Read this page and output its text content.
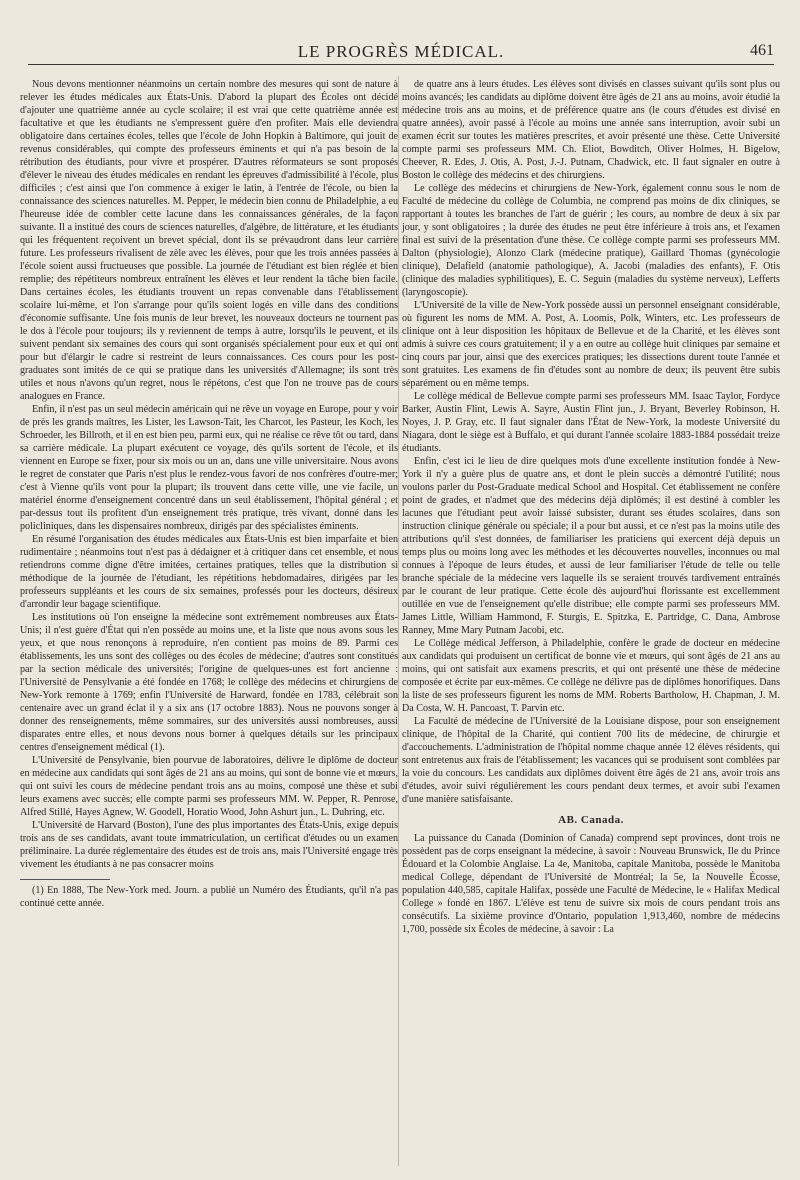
LE PROGRÈS MÉDICAL.	461

Nous devons mentionner néanmoins un certain nombre des mesures qui sont de nature à relever les études médicales aux États-Unis. D'abord la plupart des Écoles ont décidé d'ajouter une quatrième année au cycle scolaire; il est vrai que cette quatrième année est facultative et que les étudiants ne s'empressent guère d'en profiter. Mais elle deviendra obligatoire dans certaines écoles, telles que l'école de John Hopkin à Baltimore, qui jouit de revenus considérables, qui compte des professeurs éminents et qui n'a pas besoin de la rétribution des étudiants, pour vivre et prospérer. D'autres réformateurs se sont proposés d'élever le niveau des études médicales en rendant les épreuves d'admissibilité à l'école, plus difficiles ; c'est ainsi que l'on commence à exiger le latin, à l'entrée de l'école, ou bien la connaissance des sciences naturelles. M. Pepper, le médecin bien connu de Philadelphie, a eu l'heureuse idée de combler cette lacune dans les connaissances générales, de la façon suivante. Il a institué des cours de sciences naturelles, d'algèbre, de littérature, et les étudiants qui les fréquentent reçoivent un brevet spécial, dont ils se prévaudront dans leur carrière future. Les professeurs rivalisent de zèle avec les élèves, pour que les trois années passées à l'école soient aussi fructueuses que possible. La journée de l'étudiant est bien réglée et bien remplie; des répétiteurs nombreux entraînent les élèves et leur rendent la tâche bien facile. Dans certaines écoles, les étudiants trouvent un repas convenable dans l'établissement scolaire lui-même, et l'on s'arrange pour qu'ils soient logés en ville dans des conditions d'économie suffisante. Une fois munis de leur brevet, les nouveaux docteurs ne tournent pas le dos à l'école pour toujours; ils y reviennent de temps à autre, lorsqu'ils le peuvent, et ils suivent pendant six semaines des cours qui sont organisés spécialement pour eux et qui ont pour but d'élargir le cadre si restreint de leurs connaissances. Ces cours pour les post-graduates sont imités de ce qui se pratique dans les universités d'Allemagne; ils sont très utiles et nous n'avons qu'un regret, nous le répétons, c'est que l'on ne trouve pas de cours analogues en France.

Enfin, il n'est pas un seul médecin américain qui ne rêve un voyage en Europe, pour y voir de près les grands maîtres, les Lister, les Lawson-Tait, les Charcot, les Pasteur, les Koch, les Schroeder, les Billroth, et il en est bien peu, parmi eux, qui ne réalise ce rêve tôt ou tard, dans sa carrière médicale. La plupart exécutent ce voyage, dès qu'ils sortent de l'école, et ils viennent en Europe se fixer, pour six mois ou un an, dans une ville universitaire. Nous avons le regret de constater que Paris n'est plus le rendez-vous favori de nos confrères d'outre-mer; c'est à Vienne qu'ils vont pour la plupart; ils trouvent dans cette ville, une vie facile, un matériel énorme d'enseignement concentré dans un seul établissement, l'hôpital général ; et par-dessus tout ils profitent d'un enseignement très pratique, très vivant, donné dans les policliniques, dans les dispensaires nombreux, dirigés par des spécialistes éminents.

En résumé l'organisation des études médicales aux États-Unis est bien imparfaite et bien rudimentaire ; néanmoins tout n'est pas à dédaigner et à critiquer dans cet ensemble, et nous retiendrons comme digne d'être imitées, certaines pratiques, telles que la distribution si méthodique de la journée de l'étudiant, les répétitions hebdomadaires, dirigées par les professeurs suppléants et les cours de six semaines, professés pour les docteurs, désireux d'arrondir leur bagage scientifique.

Les institutions où l'on enseigne la médecine sont extrêmement nombreuses aux États-Unis; il n'est guère d'État qui n'en possède au moins une, et la liste que nous avons sous les yeux, et que nous renonçons à reproduire, n'en contient pas moins de 89. Parmi ces établissements, les uns sont des collèges ou des écoles de médecine; d'autres sont constitués par la section médicale des universités; l'origine de quelques-unes est fort ancienne : l'Université de Pensylvanie a été fondée en 1768; le collège des médecins et chirurgiens de New-York remonte à 1769; enfin l'Université de Harward, fondée en 1783, célébrait son centenaire avec un grand éclat il y a six ans (17 octobre 1883). Nous ne pouvons songer à donner des renseignements, même sommaires, sur des universités aussi nombreuses, aussi disparates entre elles, et nous devons nous borner à quelques détails sur les principaux centres d'enseignement médical (1).

L'Université de Pensylvanie, bien pourvue de laboratoires, délivre le diplôme de docteur en médecine aux candidats qui sont âgés de 21 ans au moins, qui sont de bonne vie et mœurs, qui ont suivi les cours de médecine pendant trois ans au moins, composé une thèse et subi leurs examens avec succès; elle compte parmi ses professeurs MM. W. Pepper, R. Penrose, Alfred Stillé, Hayes Agnew, W. Goodell, Horatio Wood, John Ashurt jun., L. Duhring, etc.

L'Université de Harvard (Boston), l'une des plus importantes des États-Unis, exige depuis trois ans de ses candidats, avant toute immatriculation, un certificat d'études ou un examen préliminaire. La durée réglementaire des études est de trois ans, mais l'Université engage très vivement les étudiants à ne pas consacrer moins

(1) En 1888, The New-York med. Journ. a publié un Numéro des Étudiants, qu'il n'a pas continué cette année.

de quatre ans à leurs études. Les élèves sont divisés en classes suivant qu'ils sont plus ou moins avancés; les candidats au diplôme doivent être âgés de 21 ans au moins, avoir étudié la médecine trois ans au moins, et de préférence quatre ans (le cours d'études est divisé en quatre années), avoir passé à l'école au moins une année sans interruption, avoir subi un examen écrit sur toutes les matières prescrites, et avoir présenté une thèse. Cette Université compte parmi ses professeurs MM. Ch. Eliot, Bowditch, Oliver Holmes, H. Bigelow, Cheever, R. Edes, J. Otis, A. Post, J.-J. Putnam, Chadwick, etc. Il faut signaler en outre à Boston le collège des médecins et des chirurgiens.

Le collège des médecins et chirurgiens de New-York, également connu sous le nom de Faculté de médecine du collège de Columbia, ne comprend pas moins de dix cliniques, se rapportant à toutes les branches de l'art de guérir ; les cours, au nombre de deux à six par jour, y sont obligatoires ; la durée des études ne peut être inférieure à trois ans, et l'examen final est suivi de la présentation d'une thèse. Ce collège compte parmi ses professeurs MM. Dalton (physiologie), Alonzo Clark (médecine pratique), Gaillard Thomas (gynécologie clinique), Delafield (anatomie pathologique), A. Jacobi (maladies des enfants), F. Otis (clinique des maladies syphilitiques), E. C. Seguin (maladies du système nerveux), Lefferts (laryngoscopie).

L'Université de la ville de New-York possède aussi un personnel enseignant considérable, où figurent les noms de MM. A. Post, A. Loomis, Polk, Winters, etc. Les professeurs de clinique ont à leur disposition les hôpitaux de Bellevue et de la Charité, et les élèves sont admis à suivre ces cours gratuitement; il y a en outre au collège huit cliniques par semaine et cinq cours par jour, ainsi que des exercices pratiques; les dissections durent toute l'année et sont gratuites. Les examens de fin d'études sont au nombre de deux; ils peuvent être subis séparément ou en même temps.

Le collège médical de Bellevue compte parmi ses professeurs MM. Isaac Taylor, Fordyce Barker, Austin Flint, Lewis A. Sayre, Austin Flint jun., J. Bryant, Beverley Robinson, H. Noyes, J. P. Gray, etc. Il faut signaler dans l'État de New-York, la modeste Université du Niagara, dont le siège est à Buffalo, et qui durant l'année scolaire 1883-1884 possédait treize étudiants.

Enfin, c'est ici le lieu de dire quelques mots d'une excellente institution fondée à New-York il n'y a guère plus de quatre ans, et dont le plein succès a démontré l'utilité; nous voulons parler du Post-Graduate medical School and Hospital. Cet établissement ne confère point de grades, et n'admet que des médecins déjà diplômés; il est destiné à combler les lacunes que l'étudiant peut avoir laissé subsister, durant ses études scolaires, dans son instruction clinique générale ou spéciale; il a pour but aussi, et ce n'est pas la moins utile des attributions qu'il s'est données, de familiariser les praticiens qui exercent déjà depuis un temps plus ou moins long avec les méthodes et les découvertes nouvelles, inconnues ou mal connues à l'époque de leurs études, et aussi de leur familiariser l'étude de telle ou telle branche spéciale de la médecine vers laquelle ils se seraient trouvés tardivement entraînés par le courant de leur pratique. Cette école dès aujourd'hui florissante est excellemment outillée en vue de l'enseignement qu'elle distribue; elle compte parmi ses professeurs MM. James Little, William Hammond, F. Sturgis, E. Spitzka, E. Partridge, C. Dana, Ambrose Ranney, Mme Mary Putnam Jacobi, etc.

Le Collège médical Jefferson, à Philadelphie, confère le grade de docteur en médecine aux candidats qui produisent un certificat de bonne vie et mœurs, qui sont âgés de 21 ans au moins, qui ont satisfait aux examens prescrits, et qui ont présenté une thèse de médecine composée et écrite par eux-mêmes. Ce collège ne délivre pas de diplômes honorifiques. Dans la liste de ses professeurs figurent les noms de MM. Roberts Bartholow, H. Chapman, J. M. Da Costa, W. H. Pancoast, T. Parvin etc.

La Faculté de médecine de l'Université de la Louisiane dispose, pour son enseignement clinique, de l'hôpital de la Charité, qui contient 700 lits de médecine, de chirurgie et d'accouchements. L'administration de l'hôpital nomme chaque année 12 élèves résidents, qui sont entretenus aux frais de l'établissement; les vacances qui se produisent sont comblées par la voie du concours. Les candidats aux diplômes doivent être âgés de 21 ans, avoir trois ans d'études, avoir suivi régulièrement les cours pendant deux termes, et avoir subi l'examen d'une manière satisfaisante.

AB. Canada.

La puissance du Canada (Dominion of Canada) comprend sept provinces, dont trois ne possèdent pas de corps enseignant la médecine, à savoir : Nouveau Brunswick, Ile du Prince Édouard et la Colombie Anglaise. La 4e, Manitoba, capitale Manitoba, possède le Manitoba medical College, dépendant de l'Université de Montréal; la 5e, la Nouvelle Écosse, population 440,585, capitale Halifax, possède une Faculté de Médecine, le « Halifax Medical College » fondé en 1867. L'élève est tenu de suivre six mois de cours pendant trois ans consécutifs. La sixième province d'Ontario, population 1,913,460, nombre de médecins 1,700, possède six Écoles de médecine, à savoir : La
